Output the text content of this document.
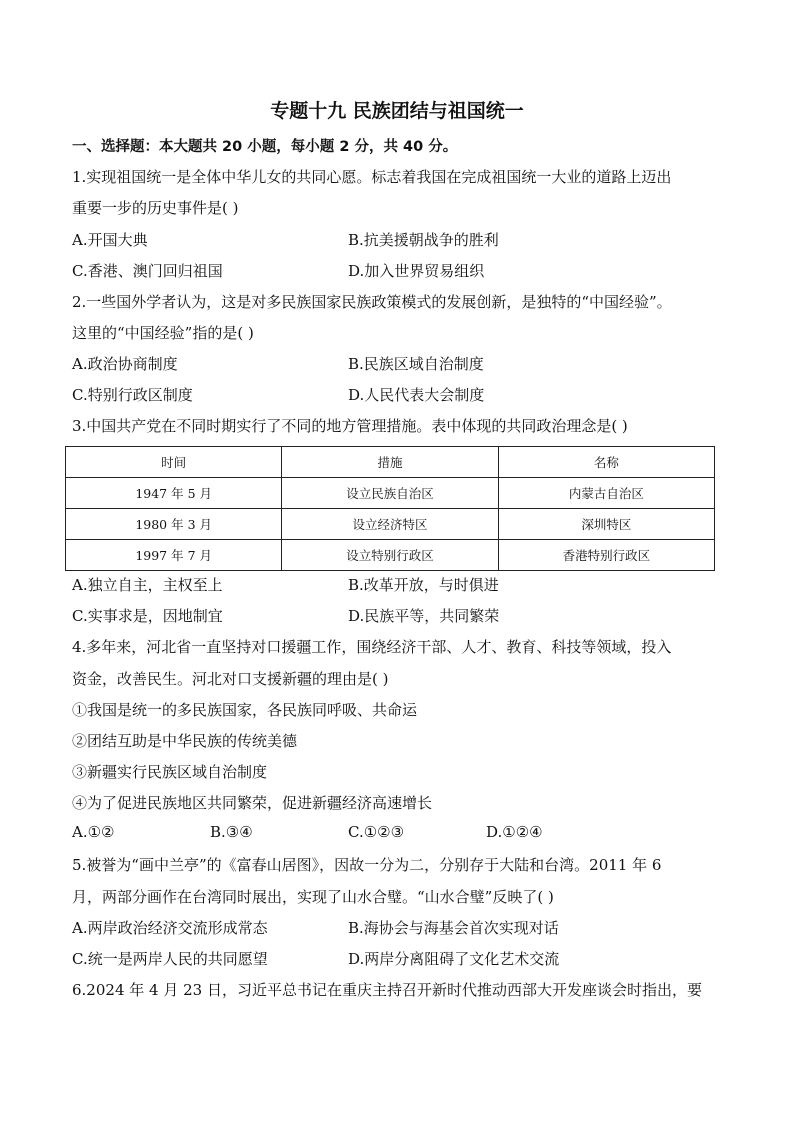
专题十九 民族团结与祖国统一
一、选择题：本大题共 20 小题，每小题 2 分，共 40 分。
1.实现祖国统一是全体中华儿女的共同心愿。标志着我国在完成祖国统一大业的道路上迈出
重要一步的历史事件是( )
A.开国大典	B.抗美援朝战争的胜利
C.香港、澳门回归祖国	D.加入世界贸易组织
2.一些国外学者认为，这是对多民族国家民族政策模式的发展创新，是独特的“中国经验”。
这里的“中国经验”指的是( )
A.政治协商制度	B.民族区域自治制度
C.特别行政区制度	D.人民代表大会制度
3.中国共产党在不同时期实行了不同的地方管理措施。表中体现的共同政治理念是( )
时间	措施	名称
1947 年 5 月	设立民族自治区	内蒙古自治区
1980 年 3 月	设立经济特区	深圳特区
1997 年 7 月	设立特别行政区	香港特别行政区
A.独立自主，主权至上	B.改革开放，与时俱进
C.实事求是，因地制宜	D.民族平等，共同繁荣
4.多年来，河北省一直坚持对口援疆工作，围绕经济干部、人才、教育、科技等领域，投入
资金，改善民生。河北对口支援新疆的理由是( )
①我国是统一的多民族国家，各民族同呼吸、共命运
②团结互助是中华民族的传统美德
③新疆实行民族区域自治制度
④为了促进民族地区共同繁荣，促进新疆经济高速增长
A.①②	B.③④	C.①②③	D.①②④
5.被誉为“画中兰亭”的《富春山居图》，因故一分为二，分别存于大陆和台湾。2011 年 6
月，两部分画作在台湾同时展出，实现了山水合璧。“山水合璧”反映了( )
A.两岸政治经济交流形成常态	B.海协会与海基会首次实现对话
C.统一是两岸人民的共同愿望	D.两岸分离阻碍了文化艺术交流
6.2024 年 4 月 23 日，习近平总书记在重庆主持召开新时代推动西部大开发座谈会时指出，要
